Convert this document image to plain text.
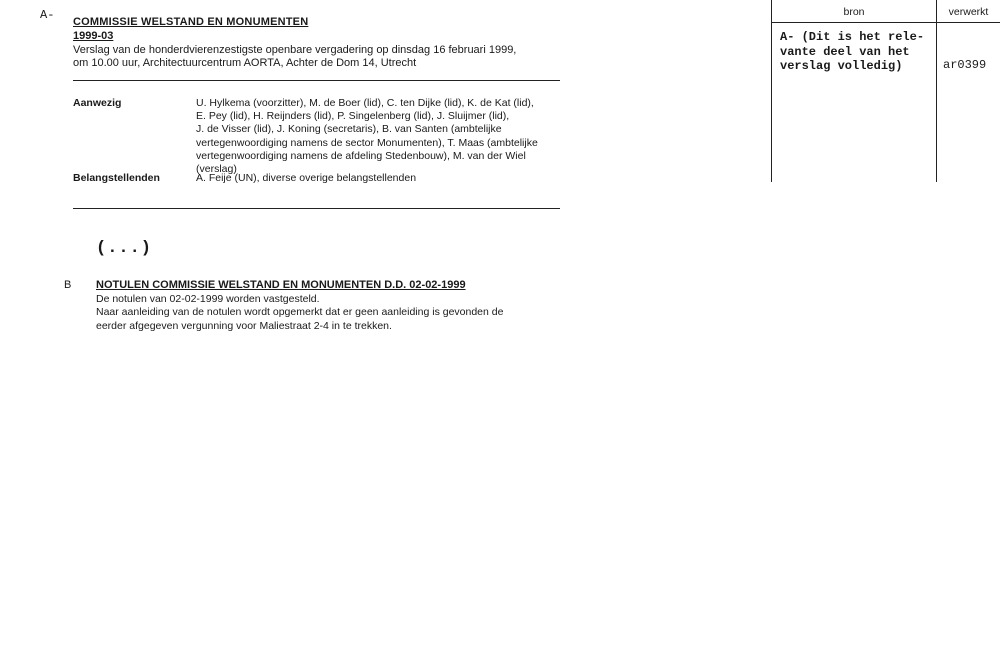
A- COMMISSIE WELSTAND EN MONUMENTEN
1999-03
Verslag van de honderdvierenzestigste openbare vergadering op dinsdag 16 februari 1999,
om 10.00 uur, Architectuurcentrum AORTA, Achter de Dom 14, Utrecht
Aanwezig	U. Hylkema (voorzitter), M. de Boer (lid), C. ten Dijke (lid), K. de Kat (lid),
E. Pey (lid), H. Reijnders (lid), P. Singelenberg (lid), J. Sluijmer (lid),
J. de Visser (lid), J. Koning (secretaris), B. van Santen (ambtelijke
vertegenwoordiging namens de sector Monumenten), T. Maas (ambtelijke
vertegenwoordiging namens de afdeling Stedenbouw), M. van der Wiel
(verslag)
Belangstellenden	A. Feije (UN), diverse overige belangstellenden
(...)
B NOTULEN COMMISSIE WELSTAND EN MONUMENTEN D.D. 02-02-1999
De notulen van 02-02-1999 worden vastgesteld.
Naar aanleiding van de notulen wordt opgemerkt dat er geen aanleiding is gevonden de
eerder afgegeven vergunning voor Maliestraat 2-4 in te trekken.
bron	verwerkt
A- (Dit is het rele-
vante deel van het
verslag volledig)	ar0399
